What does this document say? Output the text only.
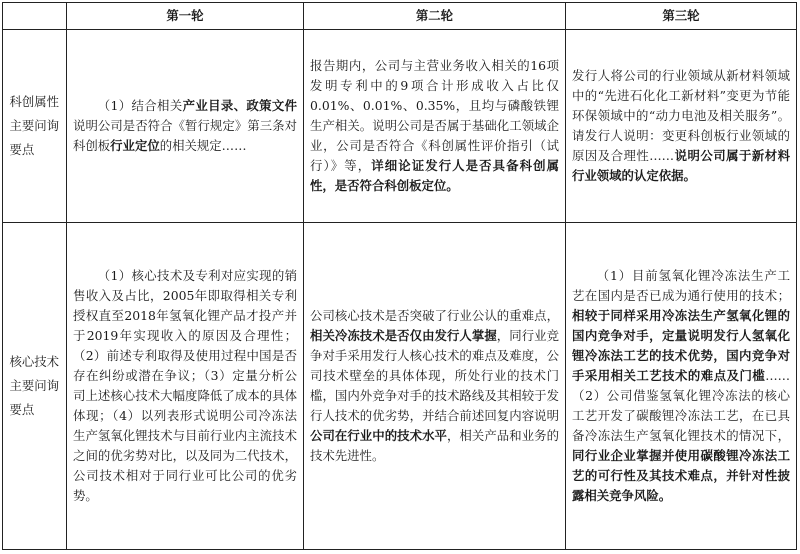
	第一轮	第二轮	第三轮
科创属性主要问询要点	（1）结合相关产业目录、政策文件说明公司是否符合《暂行规定》第三条对科创板行业定位的相关规定……	报告期内，公司与主营业务收入相关的16项发明专利中的9项合计形成收入占比仅0.01%、0.01%、0.35%，且均与磷酸铁锂生产相关。说明公司是否属于基础化工领域企业，公司是否符合《科创属性评价指引（试行）》等，详细论证发行人是否具备科创属性，是否符合科创板定位。	发行人将公司的行业领域从新材料领域中的“先进石化化工新材料”变更为节能环保领域中的“动力电池及相关服务”。请发行人说明：变更科创板行业领域的原因及合理性……说明公司属于新材料行业领域的认定依据。

核心技术主要问询要点	（1）核心技术及专利对应实现的销售收入及占比，2005年即取得相关专利授权直至2018年氢氧化锂产品才投产并于2019年实现收入的原因及合理性；（2）前述专利取得及使用过程中国是否存在纠纷或潜在争议；（3）定量分析公司上述核心技术大幅度降低了成本的具体体现；（4）以列表形式说明公司冷冻法生产氢氧化锂技术与目前行业内主流技术之间的优劣势对比，以及同为二代技术，公司技术相对于同行业可比公司的优劣势。	公司核心技术是否突破了行业公认的重难点，相关冷冻技术是否仅由发行人掌握，同行业竞争对手采用发行人核心技术的难点及难度，公司技术壁垒的具体体现，所处行业的技术门槛，国内外竞争对手的技术路线及其相较于发行人技术的优劣势，并结合前述回复内容说明公司在行业中的技术水平，相关产品和业务的技术先进性。	（1）目前氢氧化锂冷冻法生产工艺在国内是否已成为通行使用的技术；相较于同样采用冷冻法生产氢氧化锂的国内竞争对手，定量说明发行人氢氧化锂冷冻法工艺的技术优势，国内竞争对手采用相关工艺技术的难点及门槛……（2）公司借鉴氢氧化锂冷冻法的核心工艺开发了碳酸锂冷冻法工艺，在已具备冷冻法生产氢氧化锂技术的情况下，同行业企业掌握并使用碳酸锂冷冻法工艺的可行性及其技术难点，并针对性披露相关竞争风险。
